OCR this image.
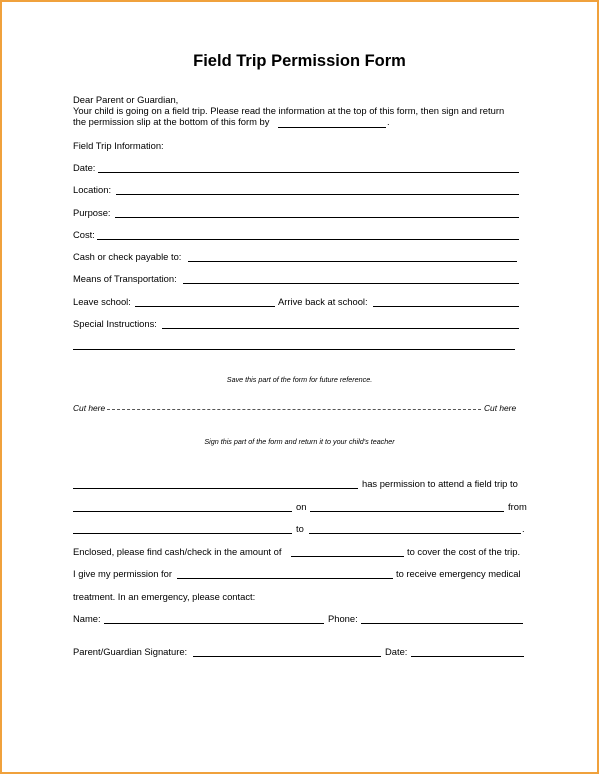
Field Trip Permission Form
Dear Parent or Guardian,
Your child is going on a field trip. Please read the information at the top of this form, then sign and return
the permission slip at the bottom of this form by	.
Field Trip Information:
Date:
Location:
Purpose:
Cost:
Cash or check payable to:
Means of Transportation:
Leave school:	Arrive back at school:
Special Instructions:
Save this part of the form for future reference.
Cut here	Cut here
Sign this part of the form and return it to your child's teacher
has permission to attend a field trip to
on	from
to	.
Enclosed, please find cash/check in the amount of	to cover the cost of the trip.
I give my permission for	to receive emergency medical
treatment. In an emergency, please contact:
Name:	Phone:
Parent/Guardian Signature:	Date:
